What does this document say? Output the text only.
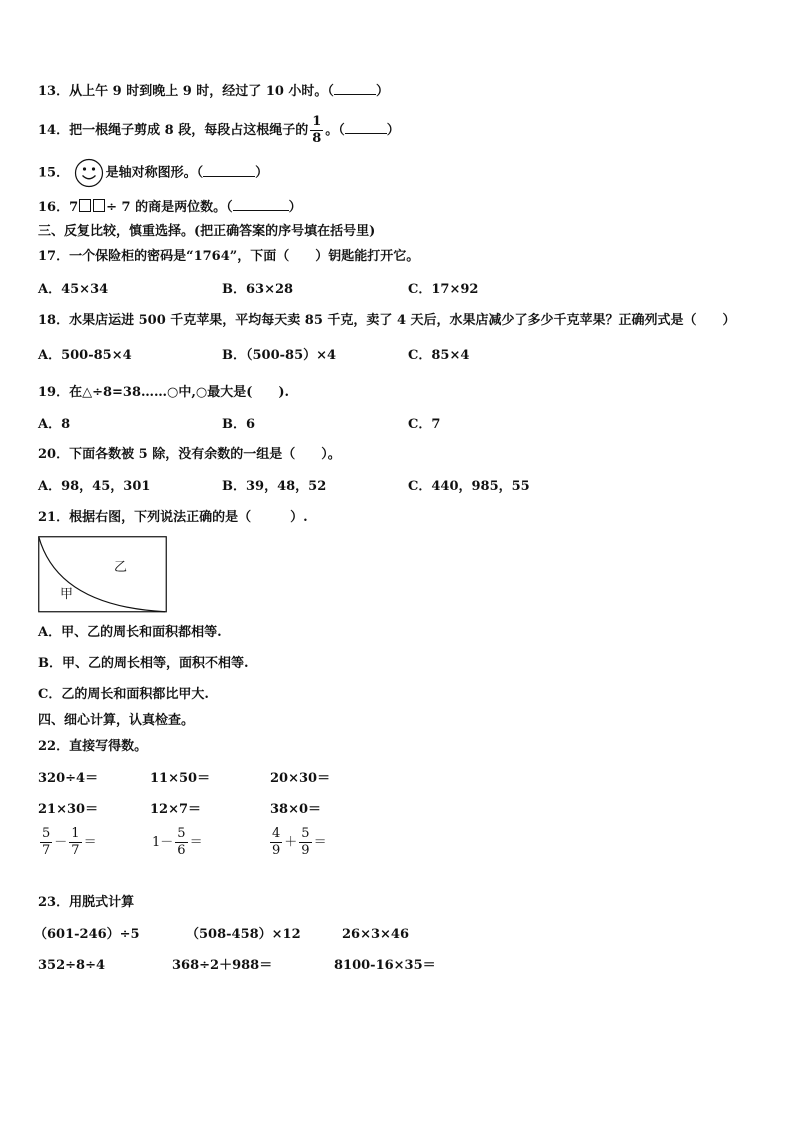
13．从上午 9 时到晚上 9 时，经过了 10 小时。（	）
14．把一根绳子剪成 8 段，每段占这根绳子的 $\frac{1}{8}$ 。（	）
15．	是轴对称图形。（	）
16．7 ÷ 7 的商是两位数。（	）
三、反复比较，慎重选择。(把正确答案的序号填在括号里)
17．一个保险柜的密码是“1764”，下面（　　）钥匙能打开它。
A．45×34	B．63×28	C．17×92
18．水果店运进 500 千克苹果，平均每天卖 85 千克，卖了 4 天后，水果店减少了多少千克苹果？正确列式是（　　）
A．500-85×4	B．（500-85）×4	C．85×4
19．在△÷8=38……○中,○最大是(　　).
A．8	B．6	C．7
20．下面各数被 5 除，没有余数的一组是（　　）。
A．98，45，301	B．39，48，52	C．440，985，55
21．根据右图，下列说法正确的是（　　　）.
乙
甲
A．甲、乙的周长和面积都相等.
B．甲、乙的周长相等，面积不相等.
C．乙的周长和面积都比甲大.
四、细心计算，认真检查。
22．直接写得数。
320÷4＝	11×50＝	20×30＝
21×30＝	12×7＝	38×0＝
$\frac{5}{7} - \frac{1}{7}$ ＝	$1- \frac{5}{6}$ ＝	$\frac{4}{9} + \frac{5}{9}$ ＝
23．用脱式计算
（601-246）÷5	（508-458）×12	26×3×46
352÷8÷4	368÷2＋988＝	8100-16×35＝
